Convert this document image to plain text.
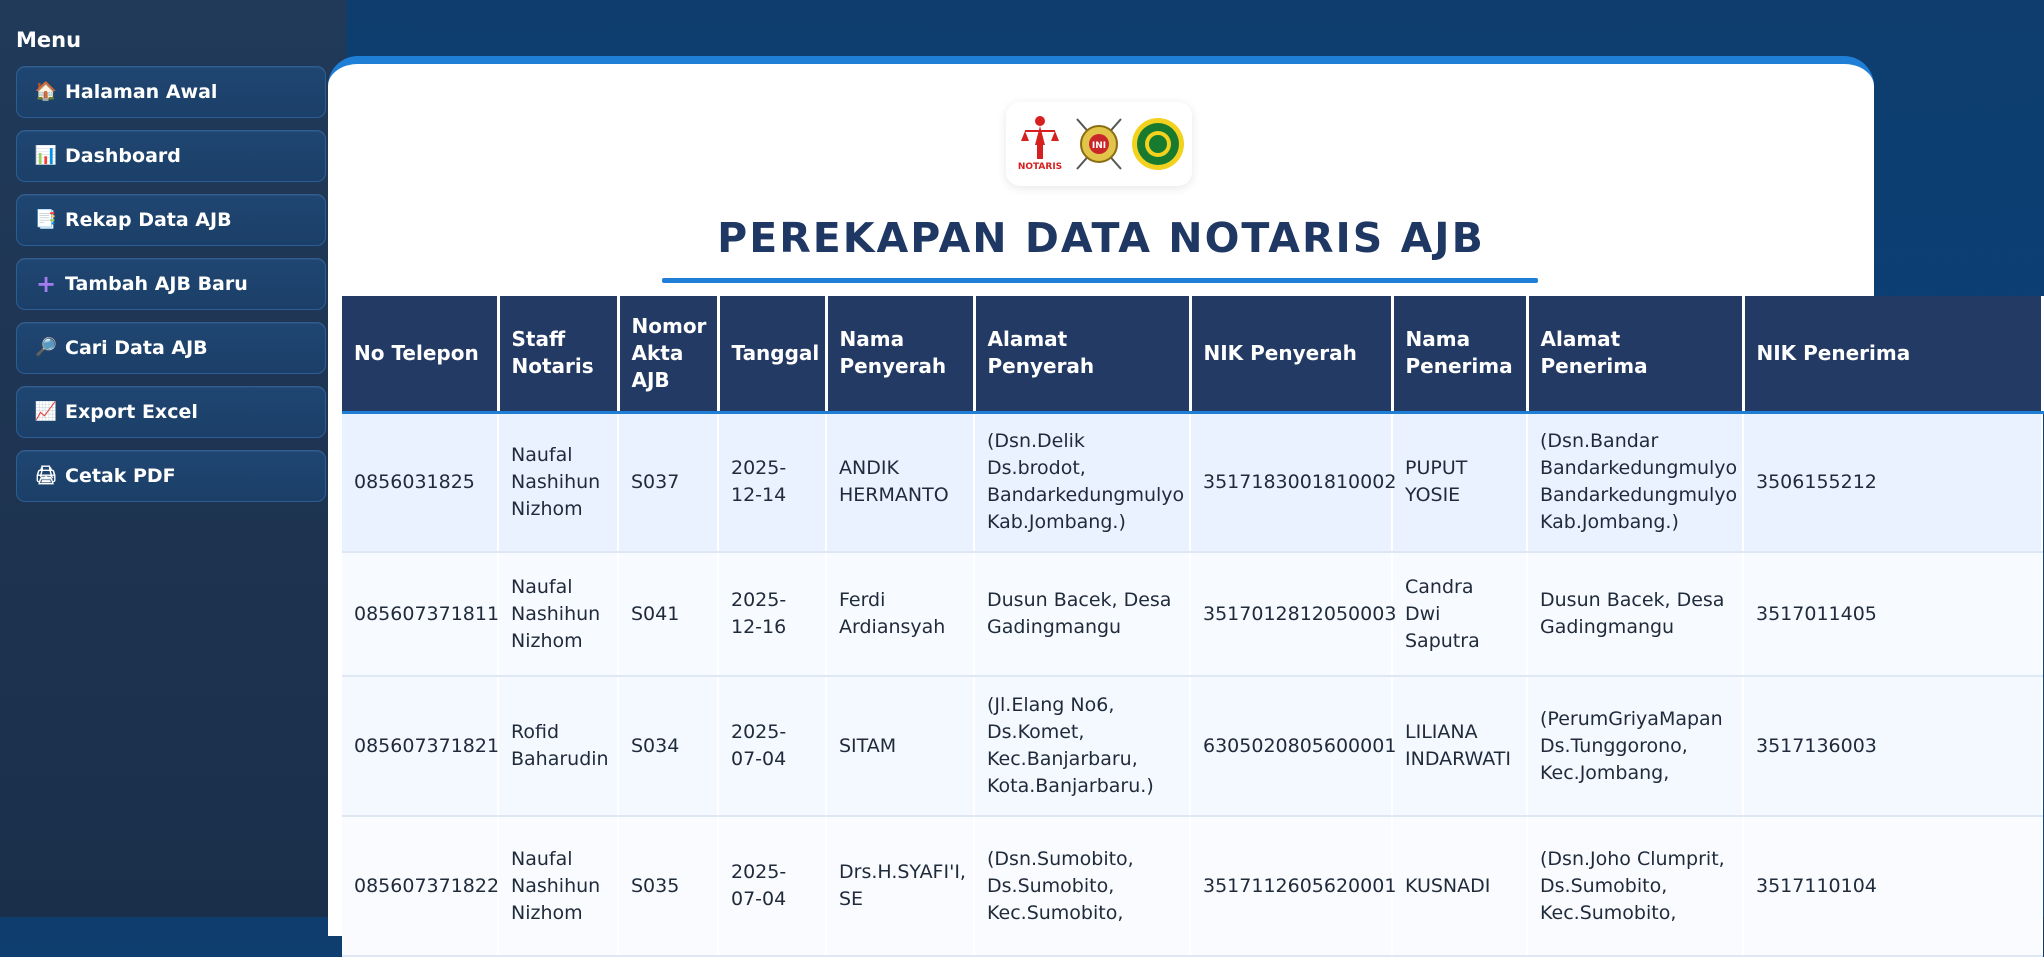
Menu
🏠 Halaman Awal
📊 Dashboard
📑 Rekap Data AJB
+ Tambah AJB Baru
🔎 Cari Data AJB
📈 Export Excel
🖨 Cetak PDF
NOTARIS
INI
PEREKAPAN DATA NOTARIS AJB
No Telepon	Staff Notaris	Nomor Akta AJB	Tanggal	Nama Penyerah	Alamat Penyerah	NIK Penyerah	Nama Penerima	Alamat Penerima	NIK Penerima
0856031825	Naufal Nashihun Nizhom	S037	2025-12-14	ANDIK HERMANTO	(Dsn.Delik Ds.brodot, Bandarkedungmulyo Kab.Jombang.)	3517183001810002	PUPUT YOSIE	(Dsn.Bandar Bandarkedungmulyo Bandarkedungmulyo Kab.Jombang.)	3506155212
085607371811	Naufal Nashihun Nizhom	S041	2025-12-16	Ferdi Ardiansyah	Dusun Bacek, Desa Gadingmangu	3517012812050003	Candra Dwi Saputra	Dusun Bacek, Desa Gadingmangu	3517011405
085607371821	Rofid Baharudin	S034	2025-07-04	SITAM	(Jl.Elang No6, Ds.Komet, Kec.Banjarbaru, Kota.Banjarbaru.)	6305020805600001	LILIANA INDARWATI	(PerumGriyaMapan Ds.Tunggorono, Kec.Jombang,	3517136003
085607371822	Naufal Nashihun Nizhom	S035	2025-07-04	Drs.H.SYAFI'I, SE	(Dsn.Sumobito, Ds.Sumobito, Kec.Sumobito,	3517112605620001	KUSNADI	(Dsn.Joho Clumprit, Ds.Sumobito, Kec.Sumobito,	3517110104
